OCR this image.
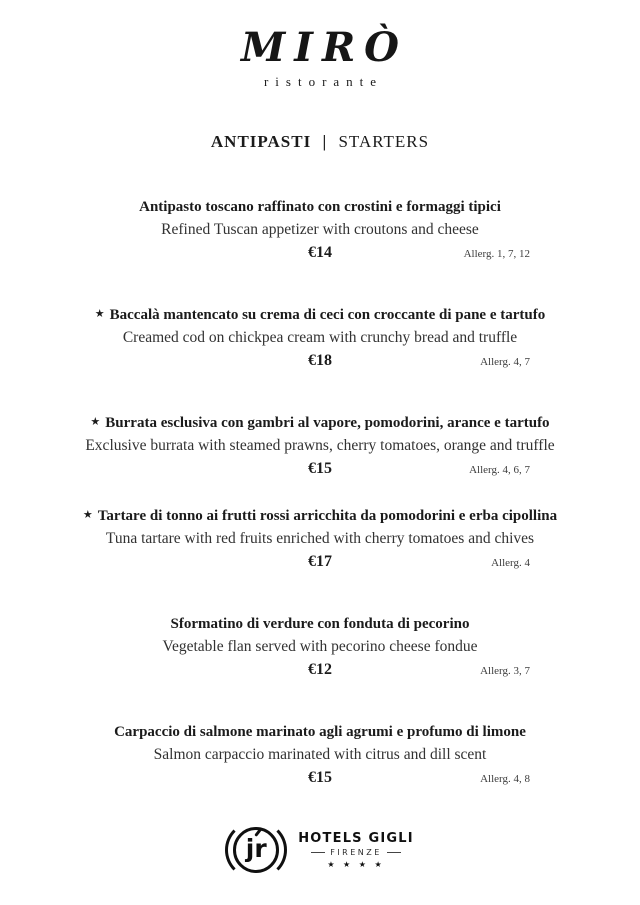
MIRÒ
ristorante
ANTIPASTI | STARTERS
Antipasto toscano raffinato con crostini e formaggi tipici
Refined Tuscan appetizer with croutons and cheese
€14	Allerg. 1, 7, 12
★ Baccalà mantencato su crema di ceci con croccante di pane e tartufo
Creamed cod on chickpea cream with crunchy bread and truffle
€18	Allerg. 4, 7
★ Burrata esclusiva con gambri al vapore, pomodorini, arance e tartufo
Exclusive burrata with steamed prawns, cherry tomatoes, orange and truffle
€15	Allerg. 4, 6, 7
★ Tartare di tonno ai frutti rossi arricchita da pomodorini e erba cipollina
Tuna tartare with red fruits enriched with cherry tomatoes and chives
€17	Allerg. 4
Sformatino di verdure con fonduta di pecorino
Vegetable flan served with pecorino cheese fondue
€12	Allerg. 3, 7
Carpaccio di salmone marinato agli agrumi e profumo di limone
Salmon carpaccio marinated with citrus and dill scent
€15	Allerg. 4, 8
jr	HOTELS GIGLI
FIRENZE
★ ★ ★ ★
